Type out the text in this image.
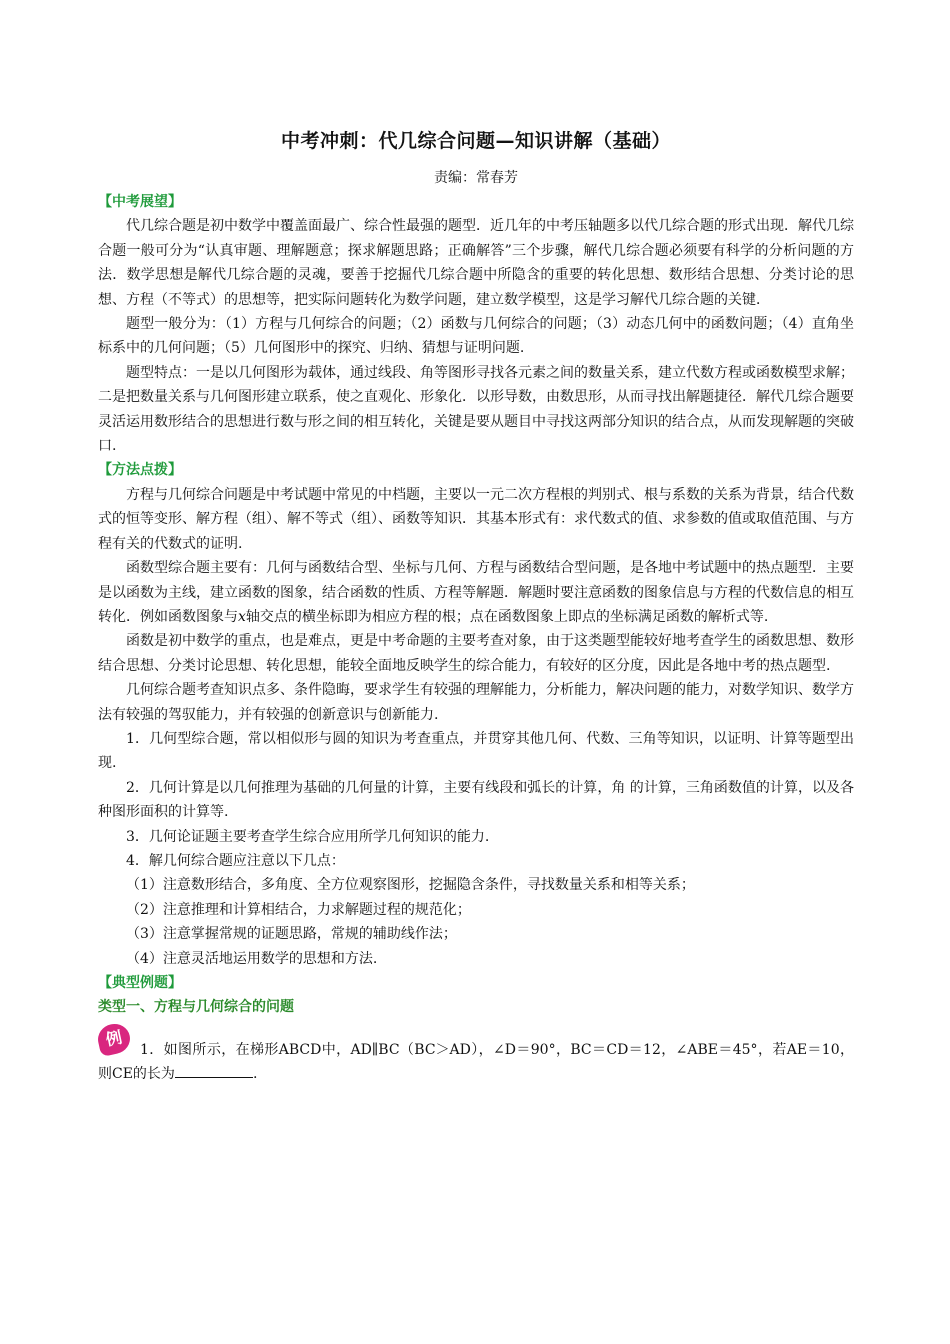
中考冲刺：代几综合问题—知识讲解（基础）
责编：常春芳
【中考展望】

代几综合题是初中数学中覆盖面最广、综合性最强的题型．近几年的中考压轴题多以代几综合题的形式出现．解代几综合题一般可分为“认真审题、理解题意；探求解题思路；正确解答”三个步骤，解代几综合题必须要有科学的分析问题的方法．数学思想是解代几综合题的灵魂，要善于挖掘代几综合题中所隐含的重要的转化思想、数形结合思想、分类讨论的思想、方程（不等式）的思想等，把实际问题转化为数学问题，建立数学模型，这是学习解代几综合题的关键．

题型一般分为：（1）方程与几何综合的问题；（2）函数与几何综合的问题；（3）动态几何中的函数问题；（4）直角坐标系中的几何问题；（5）几何图形中的探究、归纳、猜想与证明问题.

题型特点：一是以几何图形为载体，通过线段、角等图形寻找各元素之间的数量关系，建立代数方程或函数模型求解；二是把数量关系与几何图形建立联系，使之直观化、形象化．以形导数，由数思形，从而寻找出解题捷径．解代几综合题要灵活运用数形结合的思想进行数与形之间的相互转化，关键是要从题目中寻找这两部分知识的结合点，从而发现解题的突破口.

【方法点拨】

方程与几何综合问题是中考试题中常见的中档题，主要以一元二次方程根的判别式、根与系数的关系为背景，结合代数式的恒等变形、解方程（组）、解不等式（组）、函数等知识．其基本形式有：求代数式的值、求参数的值或取值范围、与方程有关的代数式的证明.

函数型综合题主要有：几何与函数结合型、坐标与几何、方程与函数结合型问题，是各地中考试题中的热点题型．主要是以函数为主线，建立函数的图象，结合函数的性质、方程等解题．解题时要注意函数的图象信息与方程的代数信息的相互转化．例如函数图象与x轴交点的横坐标即为相应方程的根；点在函数图象上即点的坐标满足函数的解析式等.

函数是初中数学的重点，也是难点，更是中考命题的主要考查对象，由于这类题型能较好地考查学生的函数思想、数形结合思想、分类讨论思想、转化思想，能较全面地反映学生的综合能力，有较好的区分度，因此是各地中考的热点题型.

几何综合题考查知识点多、条件隐晦，要求学生有较强的理解能力，分析能力，解决问题的能力，对数学知识、数学方法有较强的驾驭能力，并有较强的创新意识与创新能力.

1．几何型综合题，常以相似形与圆的知识为考查重点，并贯穿其他几何、代数、三角等知识，以证明、计算等题型出现.

2．几何计算是以几何推理为基础的几何量的计算，主要有线段和弧长的计算，角 的计算，三角函数值的计算，以及各种图形面积的计算等.

3．几何论证题主要考查学生综合应用所学几何知识的能力.

4．解几何综合题应注意以下几点：

（1）注意数形结合，多角度、全方位观察图形，挖掘隐含条件，寻找数量关系和相等关系；

（2）注意推理和计算相结合，力求解题过程的规范化；

（3）注意掌握常规的证题思路，常规的辅助线作法；

（4）注意灵活地运用数学的思想和方法.

【典型例题】
类型一、方程与几何综合的问题
例

1．如图所示，在梯形ABCD中，AD∥BC（BC＞AD），∠D＝90°，BC＝CD＝12，∠ABE＝45°，若AE＝10，则CE的长为	.
